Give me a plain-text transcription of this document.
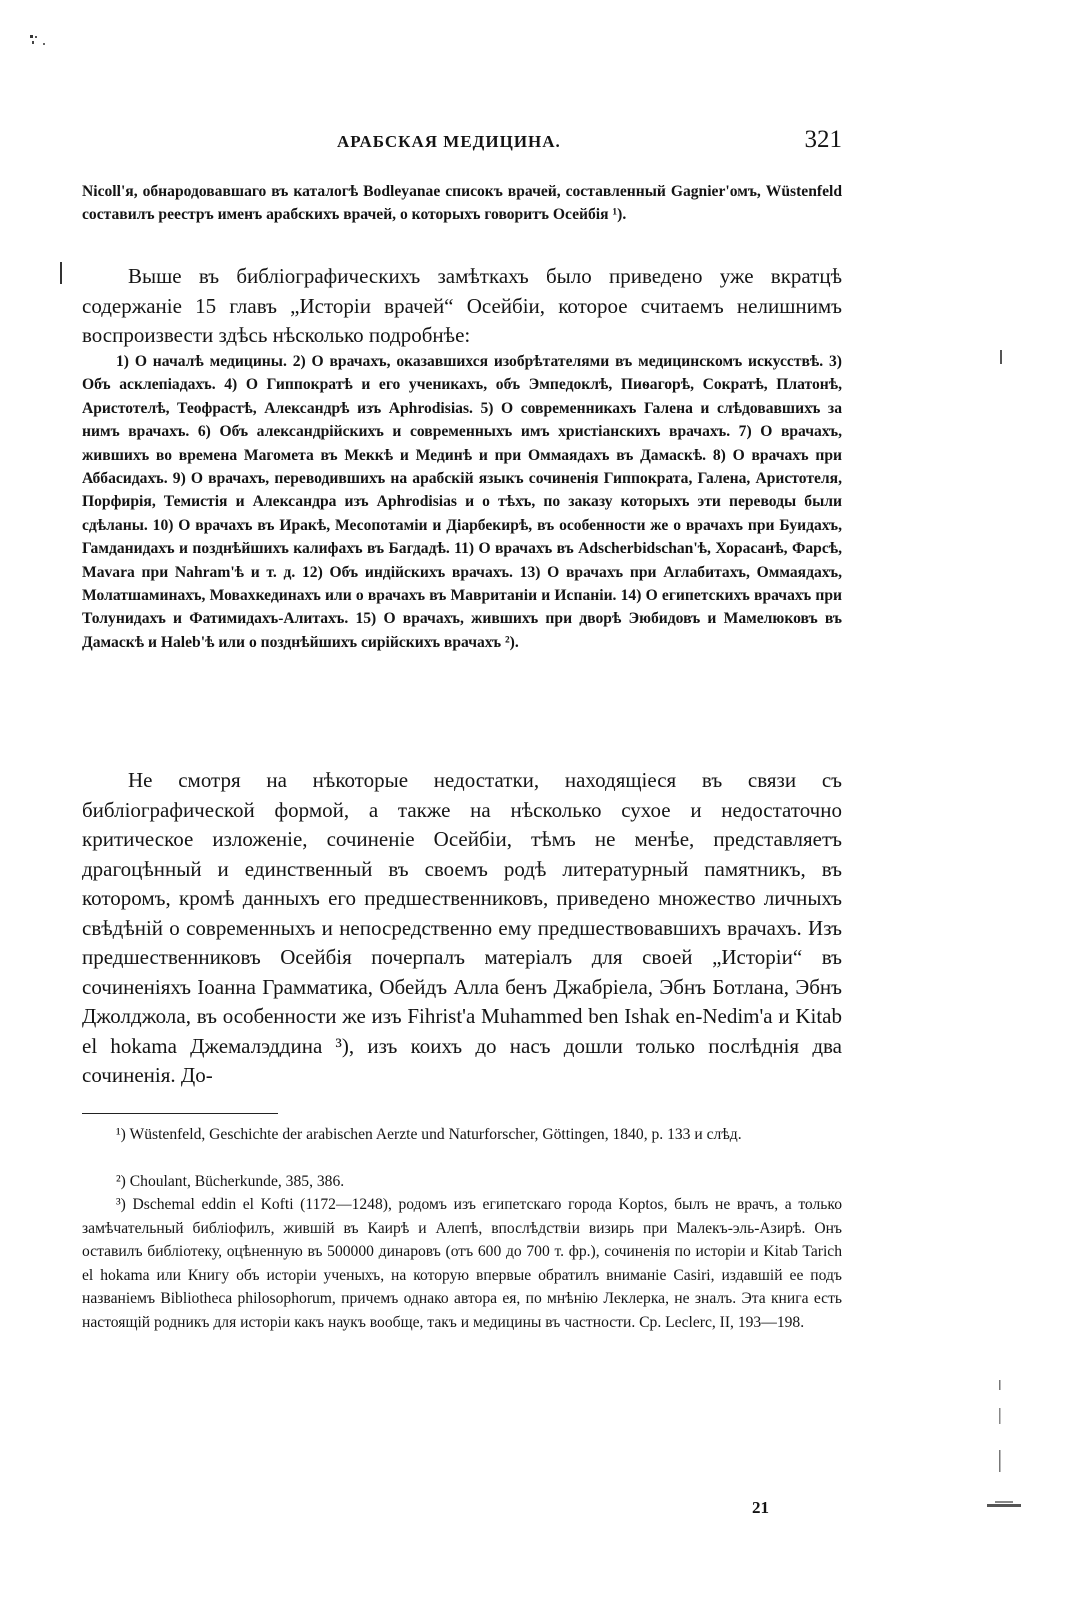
АРАБСКАЯ МЕДИЦИНА.	321

Nicoll'я, обнародовавшаго въ каталогѣ Bodleyanae списокъ врачей, составленный Gagnier'омъ, Wüstenfeld составилъ реестръ именъ арабскихъ врачей, о которыхъ говоритъ Осейбія ¹).

Выше въ библіографическихъ замѣткахъ было приведено уже вкратцѣ содержаніе 15 главъ „Исторіи врачей“ Осейбіи, которое считаемъ нелишнимъ воспроизвести здѣсь нѣсколько подробнѣе:

1) О началѣ медицины. 2) О врачахъ, оказавшихся изобрѣтателями въ медицинскомъ искусствѣ. 3) Объ асклепіадахъ. 4) О Гиппократѣ и его ученикахъ, объ Эмпедоклѣ, Пиѳагорѣ, Сократѣ, Платонѣ, Аристотелѣ, Теофрастѣ, Александрѣ изъ Aphrodisias. 5) О современникахъ Галена и слѣдовавшихъ за нимъ врачахъ. 6) Объ александрійскихъ и современныхъ имъ христіанскихъ врачахъ. 7) О врачахъ, жившихъ во времена Магомета въ Меккѣ и Мединѣ и при Оммаядахъ въ Дамаскѣ. 8) О врачахъ при Аббасидахъ. 9) О врачахъ, переводившихъ на арабскій языкъ сочиненія Гиппократа, Галена, Аристотеля, Порфирія, Темистія и Александра изъ Aphrodisias и о тѣхъ, по заказу которыхъ эти переводы были сдѣланы. 10) О врачахъ въ Иракѣ, Месопотаміи и Діарбекирѣ, въ особенности же о врачахъ при Буидахъ, Гамданидахъ и позднѣйшихъ калифахъ въ Багдадѣ. 11) О врачахъ въ Adscherbidschan'ѣ, Хорасанѣ, Фарсѣ, Mavara при Nahram'ѣ и т. д. 12) Объ индійскихъ врачахъ. 13) О врачахъ при Аглабитахъ, Оммаядахъ, Молатшаминахъ, Мовахкединахъ или о врачахъ въ Мавританіи и Испаніи. 14) О египетскихъ врачахъ при Толунидахъ и Фатимидахъ-Алитахъ. 15) О врачахъ, жившихъ при дворѣ Эюбидовъ и Мамелюковъ въ Дамаскѣ и Haleb'ѣ или о позднѣйшихъ сирійскихъ врачахъ ²).

Не смотря на нѣкоторые недостатки, находящіеся въ связи съ библіографической формой, а также на нѣсколько сухое и недостаточно критическое изложеніе, сочиненіе Осейбіи, тѣмъ не менѣе, представляетъ драгоцѣнный и единственный въ своемъ родѣ литературный памятникъ, въ которомъ, кромѣ данныхъ его предшественниковъ, приведено множество личныхъ свѣдѣній о современныхъ и непосредственно ему предшествовавшихъ врачахъ. Изъ предшественниковъ Осейбія почерпалъ матеріалъ для своей „Исторіи“ въ сочиненіяхъ Іоанна Грамматика, Обейдъ Алла бенъ Джабріела, Эбнъ Ботлана, Эбнъ Джолджола, въ особенности же изъ Fihrist'a Muhammed ben Ishak en-Nedim'a и Kitab el hokama Джемалэддина ³), изъ коихъ до насъ дошли только послѣднія два сочиненія. До-

¹) Wüstenfeld, Geschichte der arabischen Aerzte und Naturforscher, Göttingen, 1840, p. 133 и слѣд.

²) Choulant, Bücherkunde, 385, 386.

³) Dschemal eddin el Kofti (1172—1248), родомъ изъ египетскаго города Koptos, былъ не врачъ, а только замѣчательный библіофилъ, жившій въ Каирѣ и Алепѣ, впослѣдствіи визирь при Малекъ-эль-Азирѣ. Онъ оставилъ библіотеку, оцѣненную въ 500000 динаровъ (отъ 600 до 700 т. фр.), сочиненія по исторіи и Kitab Tarich el hokama или Книгу объ исторіи ученыхъ, на которую впервые обратилъ вниманіе Casiri, издавшій ее подъ названіемъ Bibliotheca philosophorum, причемъ однако автора ея, по мнѣнію Леклерка, не зналъ. Эта книга есть настоящій родникъ для исторіи какъ наукъ вообще, такъ и медицины въ частности. Ср. Leclerc, II, 193—198.

21
